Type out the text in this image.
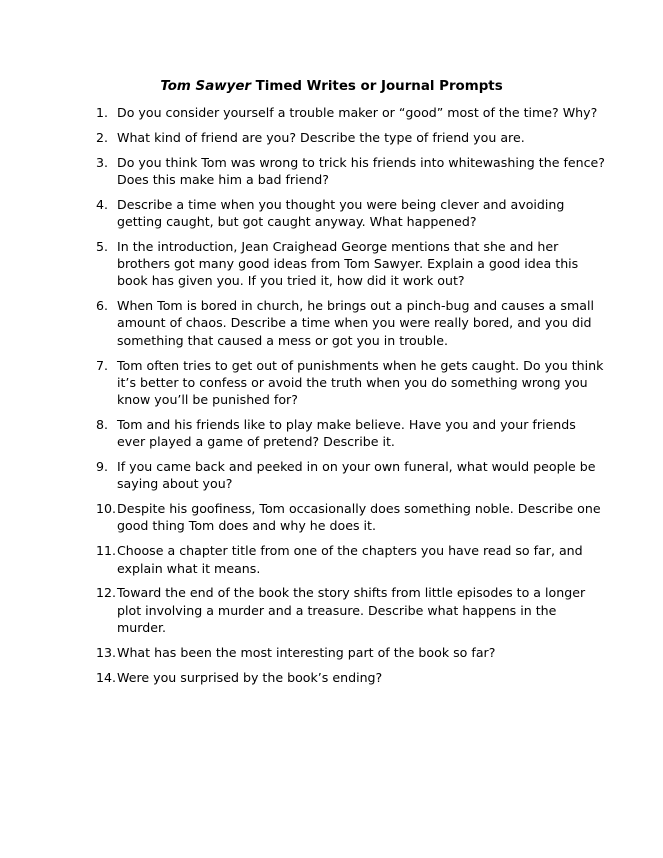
Tom Sawyer Timed Writes or Journal Prompts
1. Do you consider yourself a trouble maker or “good” most of the time? Why?
2. What kind of friend are you? Describe the type of friend you are.
3. Do you think Tom was wrong to trick his friends into whitewashing the fence?
Does this make him a bad friend?
4. Describe a time when you thought you were being clever and avoiding
getting caught, but got caught anyway. What happened?
5. In the introduction, Jean Craighead George mentions that she and her
brothers got many good ideas from Tom Sawyer. Explain a good idea this
book has given you. If you tried it, how did it work out?
6. When Tom is bored in church, he brings out a pinch-bug and causes a small
amount of chaos. Describe a time when you were really bored, and you did
something that caused a mess or got you in trouble.
7. Tom often tries to get out of punishments when he gets caught. Do you think
it’s better to confess or avoid the truth when you do something wrong you
know you’ll be punished for?
8. Tom and his friends like to play make believe. Have you and your friends
ever played a game of pretend? Describe it.
9. If you came back and peeked in on your own funeral, what would people be
saying about you?
10. Despite his goofiness, Tom occasionally does something noble. Describe one
good thing Tom does and why he does it.
11. Choose a chapter title from one of the chapters you have read so far, and
explain what it means.
12. Toward the end of the book the story shifts from little episodes to a longer
plot involving a murder and a treasure. Describe what happens in the
murder.
13. What has been the most interesting part of the book so far?
14. Were you surprised by the book’s ending?
